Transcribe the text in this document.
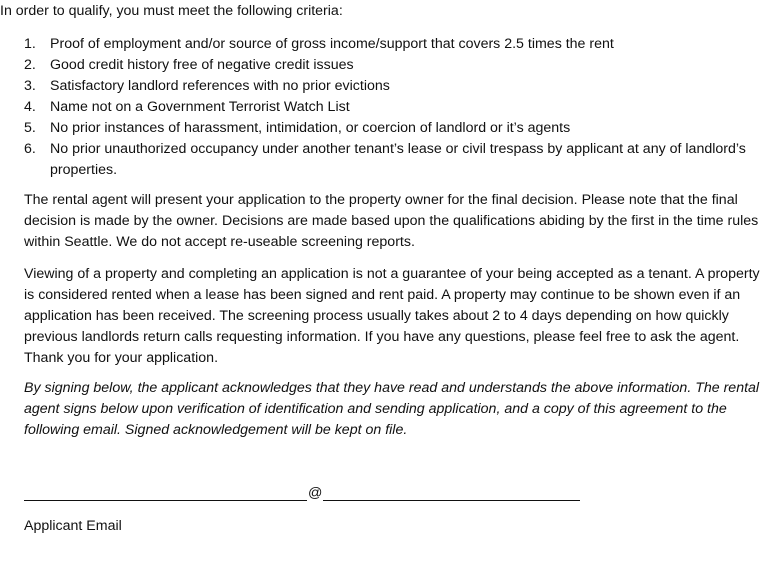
In order to qualify, you must meet the following criteria:
1. Proof of employment and/or source of gross income/support that covers 2.5 times the rent
2. Good credit history free of negative credit issues
3. Satisfactory landlord references with no prior evictions
4. Name not on a Government Terrorist Watch List
5. No prior instances of harassment, intimidation, or coercion of landlord or it’s agents
6. No prior unauthorized occupancy under another tenant’s lease or civil trespass by applicant at any of landlord’s properties.

The rental agent will present your application to the property owner for the final decision. Please note that the final decision is made by the owner. Decisions are made based upon the qualifications abiding by the first in the time rules within Seattle. We do not accept re-useable screening reports.

Viewing of a property and completing an application is not a guarantee of your being accepted as a tenant. A property is considered rented when a lease has been signed and rent paid. A property may continue to be shown even if an application has been received. The screening process usually takes about 2 to 4 days depending on how quickly previous landlords return calls requesting information. If you have any questions, please feel free to ask the agent. Thank you for your application.

By signing below, the applicant acknowledges that they have read and understands the above information. The rental agent signs below upon verification of identification and sending application, and a copy of this agreement to the following email. Signed acknowledgement will be kept on file.

@
Applicant Email
